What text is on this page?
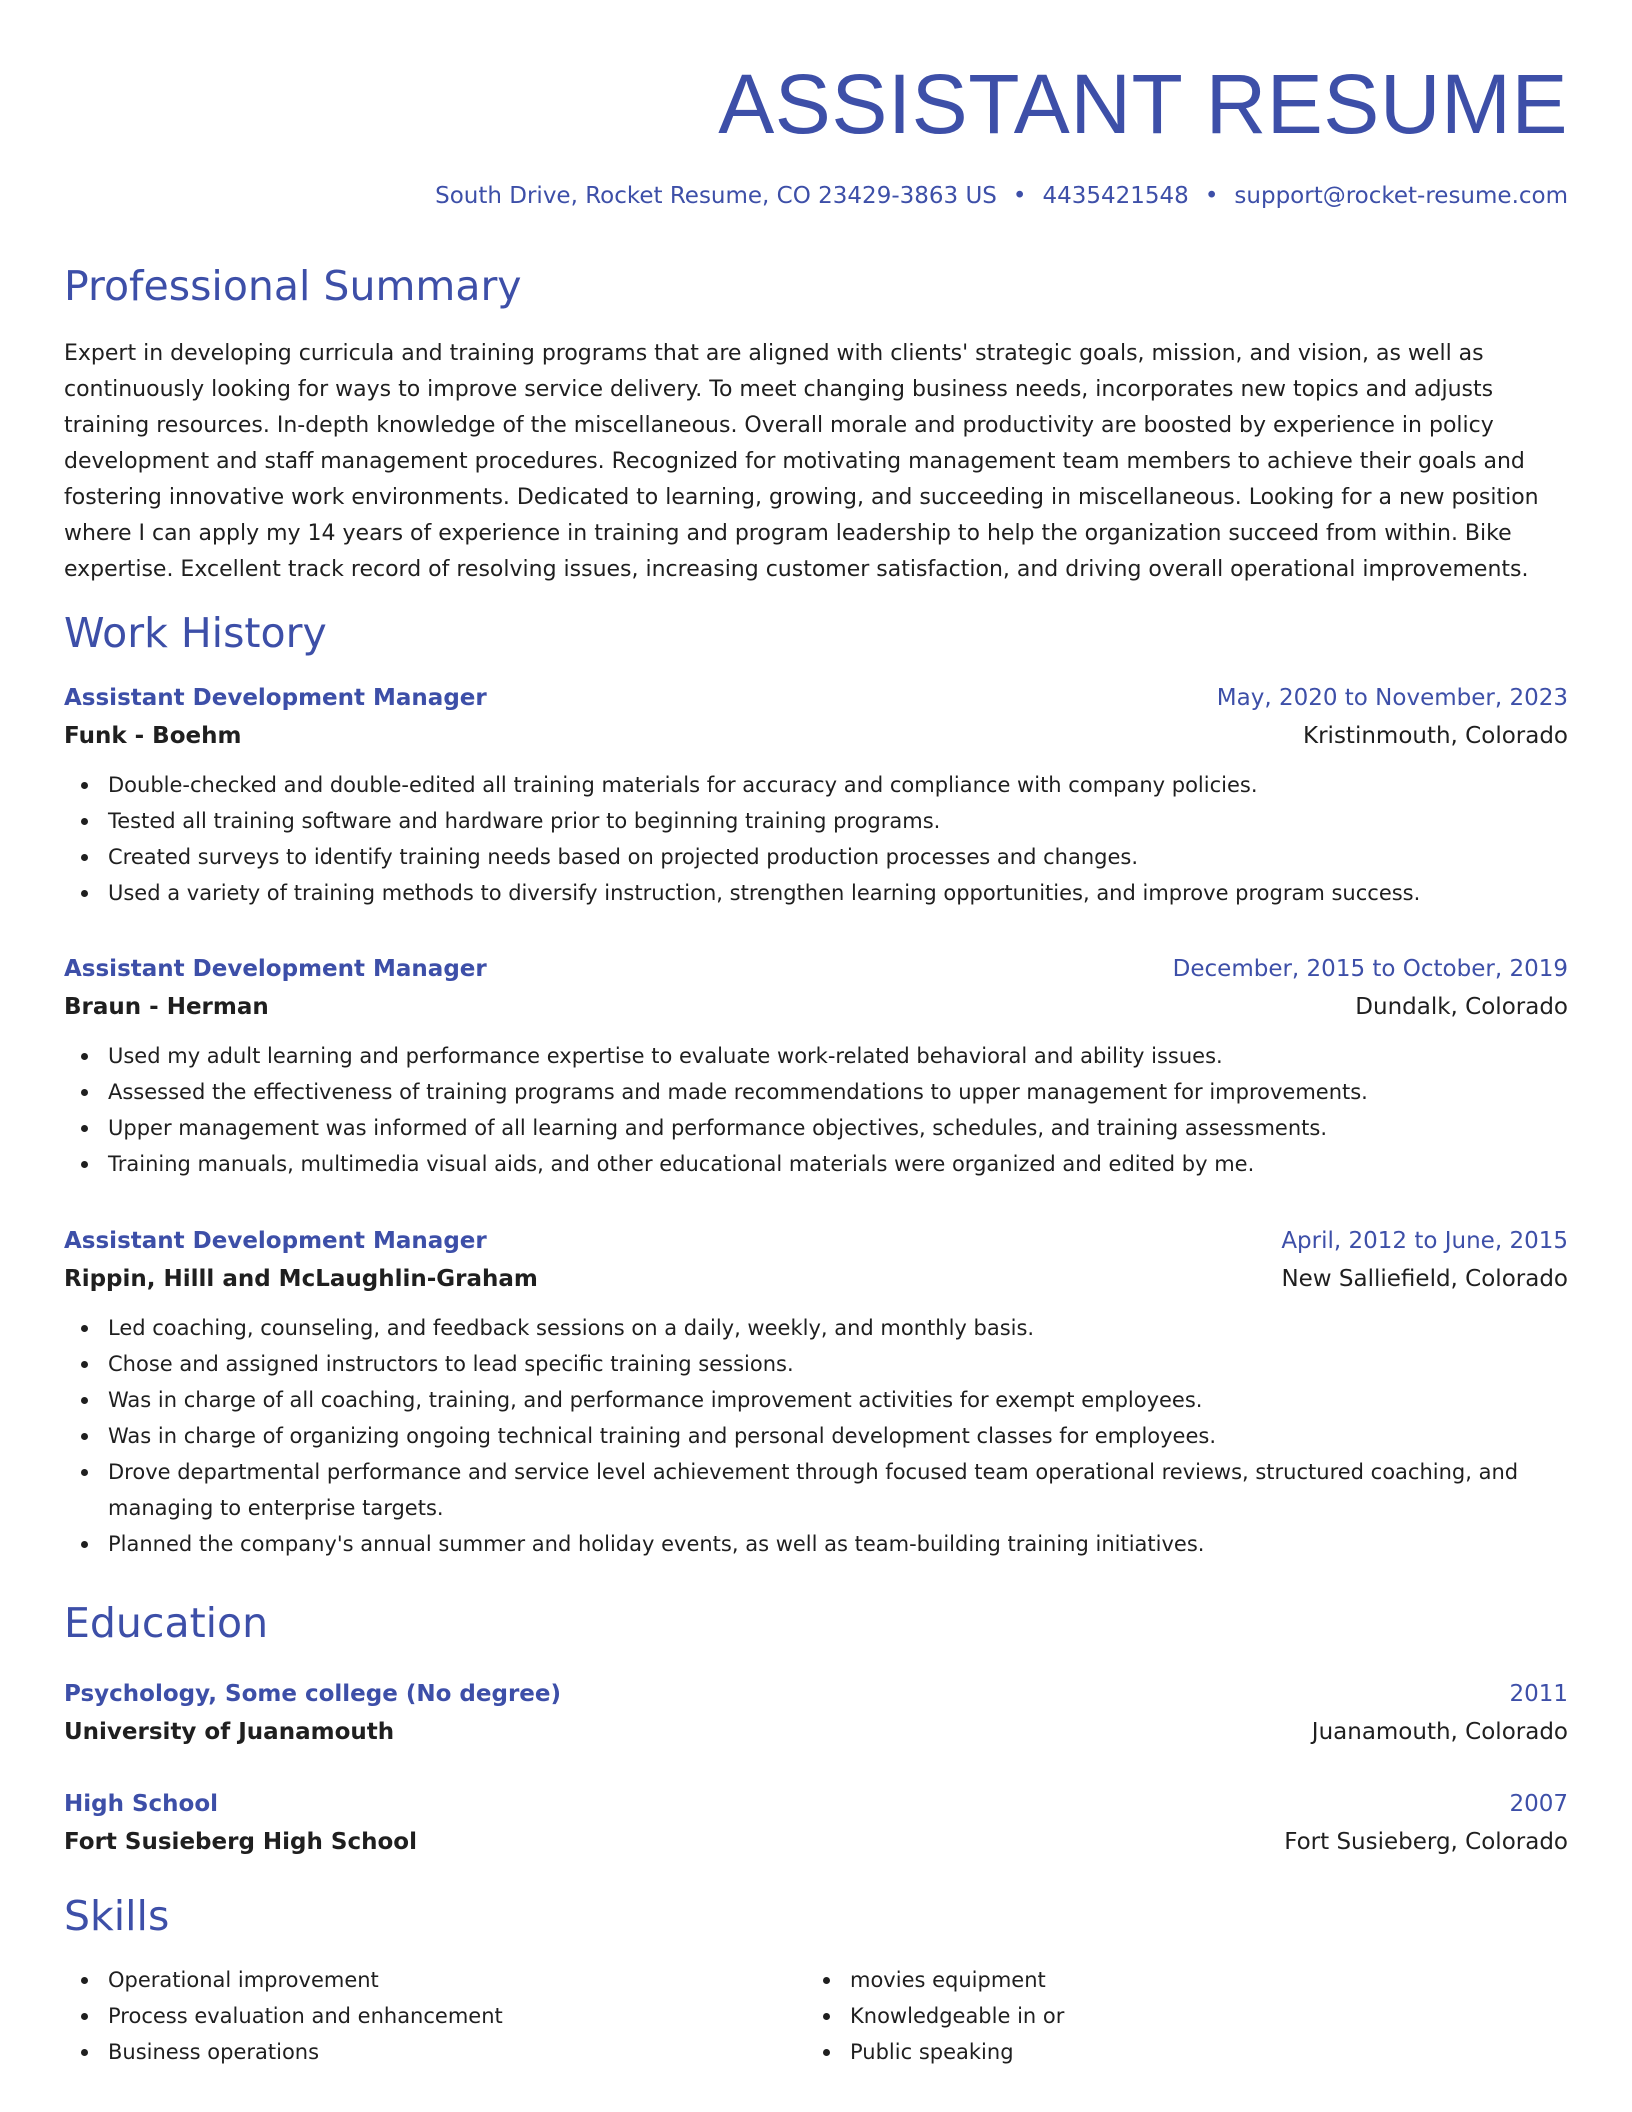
ASSISTANT RESUME
South Drive, Rocket Resume, CO 23429-3863 US • 4435421548 • support@rocket-resume.com
Professional Summary

Expert in developing curricula and training programs that are aligned with clients' strategic goals, mission, and vision, as well as continuously looking for ways to improve service delivery. To meet changing business needs, incorporates new topics and adjusts training resources. In-depth knowledge of the miscellaneous. Overall morale and productivity are boosted by experience in policy development and staff management procedures. Recognized for motivating management team members to achieve their goals and fostering innovative work environments. Dedicated to learning, growing, and succeeding in miscellaneous. Looking for a new position where I can apply my 14 years of experience in training and program leadership to help the organization succeed from within. Bike expertise. Excellent track record of resolving issues, increasing customer satisfaction, and driving overall operational improvements.

Work History
Assistant Development Manager	May, 2020 to November, 2023
Funk - Boehm	Kristinmouth, Colorado
Double-checked and double-edited all training materials for accuracy and compliance with company policies.
Tested all training software and hardware prior to beginning training programs.
Created surveys to identify training needs based on projected production processes and changes.
Used a variety of training methods to diversify instruction, strengthen learning opportunities, and improve program success.
Assistant Development Manager	December, 2015 to October, 2019
Braun - Herman	Dundalk, Colorado
Used my adult learning and performance expertise to evaluate work-related behavioral and ability issues.
Assessed the effectiveness of training programs and made recommendations to upper management for improvements.
Upper management was informed of all learning and performance objectives, schedules, and training assessments.
Training manuals, multimedia visual aids, and other educational materials were organized and edited by me.
Assistant Development Manager	April, 2012 to June, 2015
Rippin, Hilll and McLaughlin-Graham	New Salliefield, Colorado
Led coaching, counseling, and feedback sessions on a daily, weekly, and monthly basis.
Chose and assigned instructors to lead specific training sessions.
Was in charge of all coaching, training, and performance improvement activities for exempt employees.
Was in charge of organizing ongoing technical training and personal development classes for employees.
Drove departmental performance and service level achievement through focused team operational reviews, structured coaching, and managing to enterprise targets.
Planned the company's annual summer and holiday events, as well as team-building training initiatives.
Education
Psychology, Some college (No degree)	2011
University of Juanamouth	Juanamouth, Colorado
High School	2007
Fort Susieberg High School	Fort Susieberg, Colorado
Skills
Operational improvement
Process evaluation and enhancement
Business operations
movies equipment
Knowledgeable in or
Public speaking
